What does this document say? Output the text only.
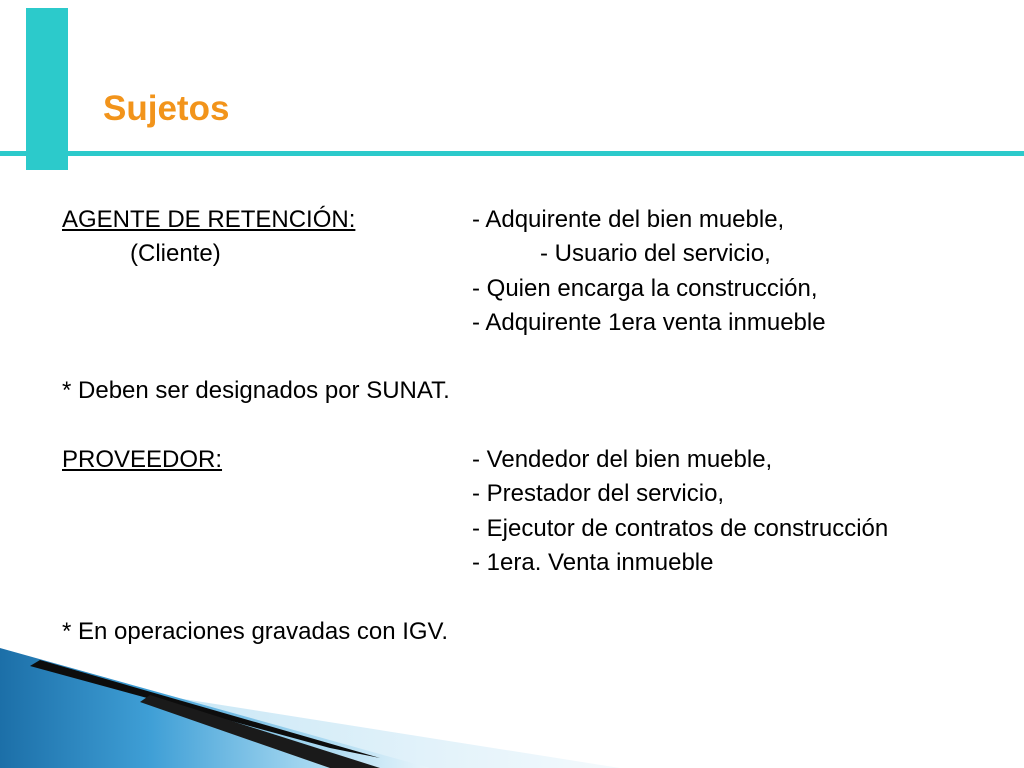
Sujetos
AGENTE DE RETENCIÓN:	- Adquirente del bien mueble,
(Cliente)	- Usuario del servicio,
- Quien encarga la construcción,
- Adquirente 1era venta inmueble
* Deben ser designados por SUNAT.
PROVEEDOR:	- Vendedor del bien mueble,
- Prestador del servicio,
- Ejecutor de contratos de construcción
- 1era. Venta inmueble
* En operaciones gravadas con IGV.
